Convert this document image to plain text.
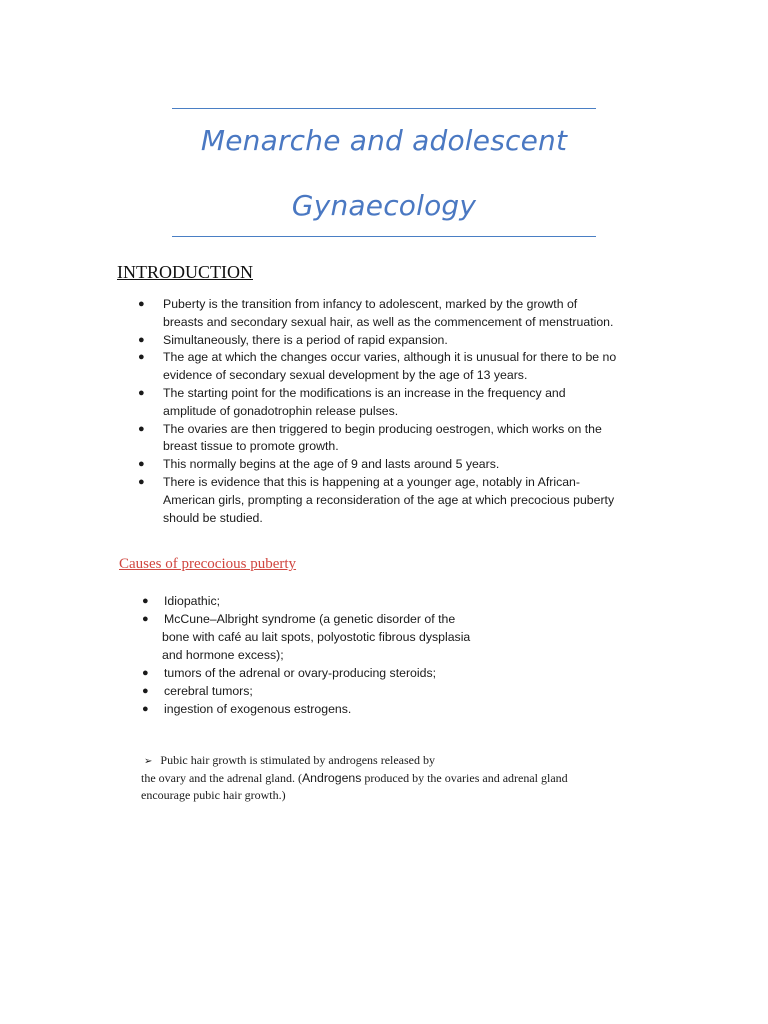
Menarche and adolescent
Gynaecology
INTRODUCTION
● Puberty is the transition from infancy to adolescent, marked by the growth of
breasts and secondary sexual hair, as well as the commencement of menstruation.
● Simultaneously, there is a period of rapid expansion.
● The age at which the changes occur varies, although it is unusual for there to be no
evidence of secondary sexual development by the age of 13 years.
● The starting point for the modifications is an increase in the frequency and
amplitude of gonadotrophin release pulses.
● The ovaries are then triggered to begin producing oestrogen, which works on the
breast tissue to promote growth.
● This normally begins at the age of 9 and lasts around 5 years.
● There is evidence that this is happening at a younger age, notably in African-
American girls, prompting a reconsideration of the age at which precocious puberty
should be studied.
Causes of precocious puberty
● Idiopathic;
● McCune–Albright syndrome (a genetic disorder of the
bone with café au lait spots, polyostotic fibrous dysplasia
and hormone excess);
● tumors of the adrenal or ovary-producing steroids;
● cerebral tumors;
● ingestion of exogenous estrogens.
➢ Pubic hair growth is stimulated by androgens released by
the ovary and the adrenal gland. (Androgens produced by the ovaries and adrenal gland
encourage pubic hair growth.)
